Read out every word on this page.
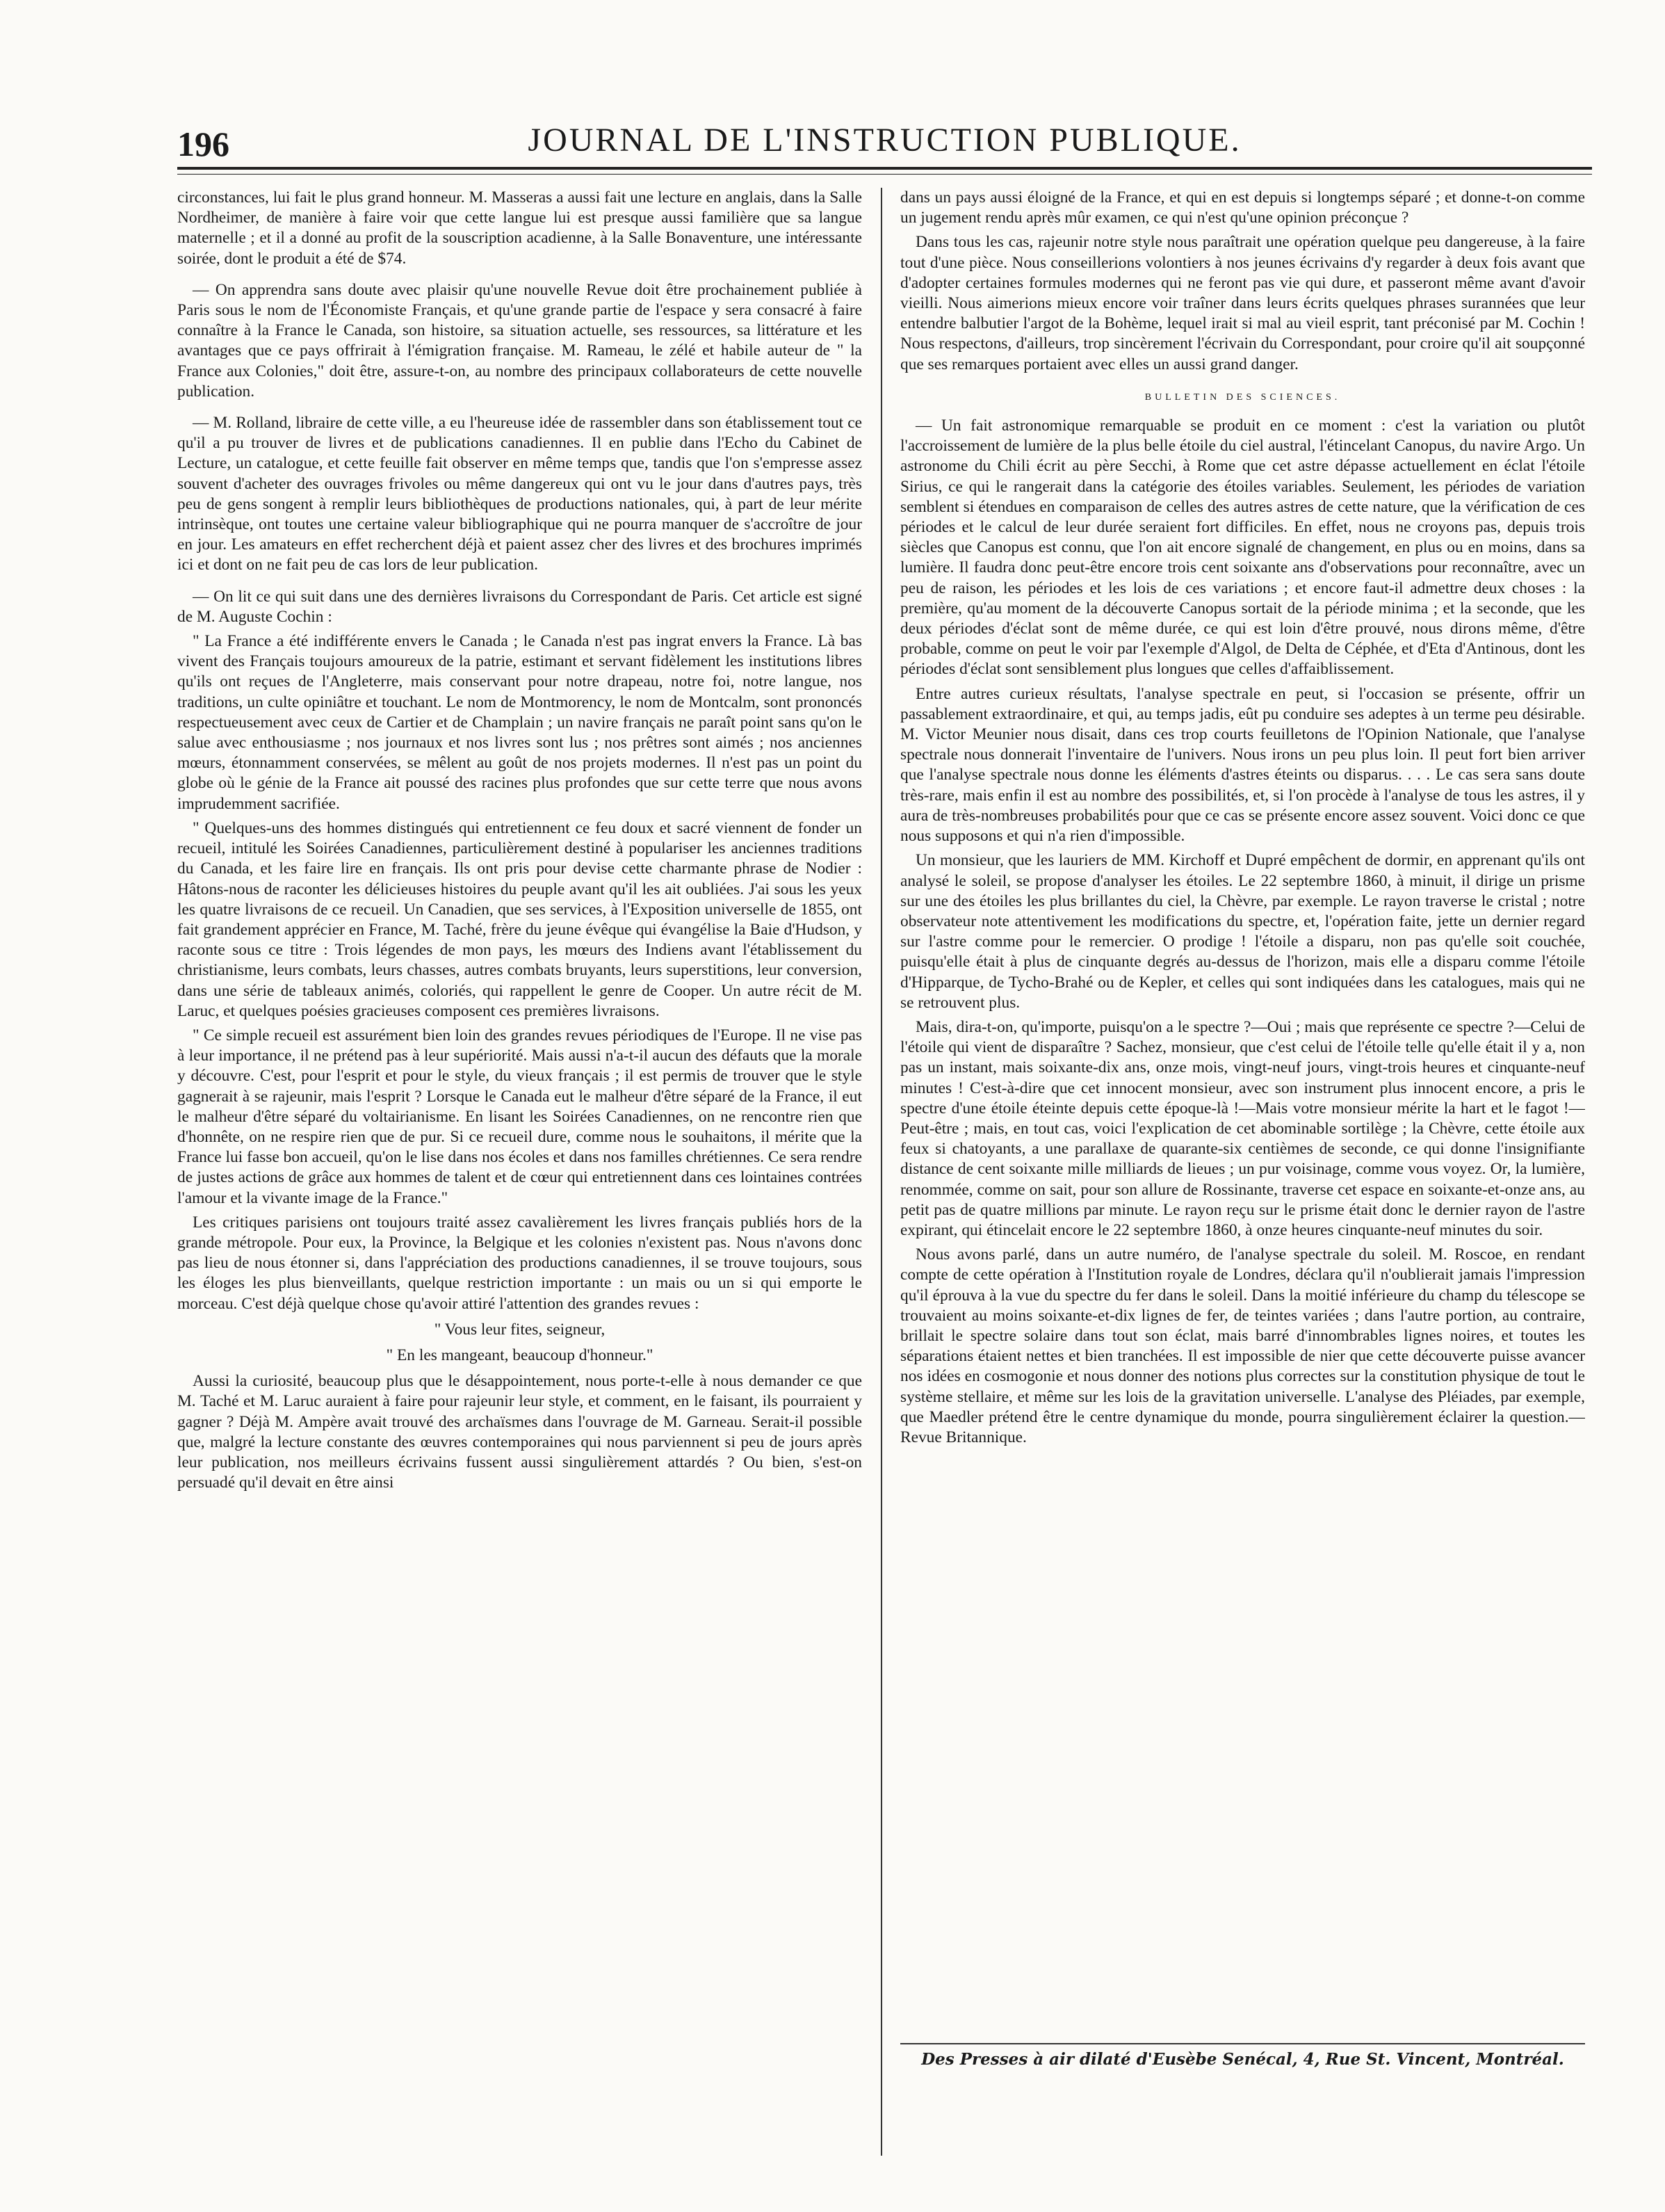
196	JOURNAL DE L'INSTRUCTION PUBLIQUE.

circonstances, lui fait le plus grand honneur. M. Masseras a aussi fait une lecture en anglais, dans la Salle Nordheimer, de manière à faire voir que cette langue lui est presque aussi familière que sa langue maternelle ; et il a donné au profit de la souscription acadienne, à la Salle Bonaventure, une intéressante soirée, dont le produit a été de $74.

— On apprendra sans doute avec plaisir qu'une nouvelle Revue doit être prochainement publiée à Paris sous le nom de l'Économiste Français, et qu'une grande partie de l'espace y sera consacré à faire connaître à la France le Canada, son histoire, sa situation actuelle, ses ressources, sa littérature et les avantages que ce pays offrirait à l'émigration française. M. Rameau, le zélé et habile auteur de " la France aux Colonies," doit être, assure-t-on, au nombre des principaux collaborateurs de cette nouvelle publication.

— M. Rolland, libraire de cette ville, a eu l'heureuse idée de rassembler dans son établissement tout ce qu'il a pu trouver de livres et de publications canadiennes. Il en publie dans l'Echo du Cabinet de Lecture, un catalogue, et cette feuille fait observer en même temps que, tandis que l'on s'empresse assez souvent d'acheter des ouvrages frivoles ou même dangereux qui ont vu le jour dans d'autres pays, très peu de gens songent à remplir leurs bibliothèques de productions nationales, qui, à part de leur mérite intrinsèque, ont toutes une certaine valeur bibliographique qui ne pourra manquer de s'accroître de jour en jour. Les amateurs en effet recherchent déjà et paient assez cher des livres et des brochures imprimés ici et dont on ne fait peu de cas lors de leur publication.

— On lit ce qui suit dans une des dernières livraisons du Correspondant de Paris. Cet article est signé de M. Auguste Cochin :

" La France a été indifférente envers le Canada ; le Canada n'est pas ingrat envers la France. Là bas vivent des Français toujours amoureux de la patrie, estimant et servant fidèlement les institutions libres qu'ils ont reçues de l'Angleterre, mais conservant pour notre drapeau, notre foi, notre langue, nos traditions, un culte opiniâtre et touchant. Le nom de Montmorency, le nom de Montcalm, sont prononcés respectueusement avec ceux de Cartier et de Champlain ; un navire français ne paraît point sans qu'on le salue avec enthousiasme ; nos journaux et nos livres sont lus ; nos prêtres sont aimés ; nos anciennes mœurs, étonnamment conservées, se mêlent au goût de nos projets modernes. Il n'est pas un point du globe où le génie de la France ait poussé des racines plus profondes que sur cette terre que nous avons imprudemment sacrifiée.

" Quelques-uns des hommes distingués qui entretiennent ce feu doux et sacré viennent de fonder un recueil, intitulé les Soirées Canadiennes, particulièrement destiné à populariser les anciennes traditions du Canada, et les faire lire en français. Ils ont pris pour devise cette charmante phrase de Nodier : Hâtons-nous de raconter les délicieuses histoires du peuple avant qu'il les ait oubliées. J'ai sous les yeux les quatre livraisons de ce recueil. Un Canadien, que ses services, à l'Exposition universelle de 1855, ont fait grandement apprécier en France, M. Taché, frère du jeune évêque qui évangélise la Baie d'Hudson, y raconte sous ce titre : Trois légendes de mon pays, les mœurs des Indiens avant l'établissement du christianisme, leurs combats, leurs chasses, autres combats bruyants, leurs superstitions, leur conversion, dans une série de tableaux animés, coloriés, qui rappellent le genre de Cooper. Un autre récit de M. Laruc, et quelques poésies gracieuses composent ces premières livraisons.

" Ce simple recueil est assurément bien loin des grandes revues périodiques de l'Europe. Il ne vise pas à leur importance, il ne prétend pas à leur supériorité. Mais aussi n'a-t-il aucun des défauts que la morale y découvre. C'est, pour l'esprit et pour le style, du vieux français ; il est permis de trouver que le style gagnerait à se rajeunir, mais l'esprit ? Lorsque le Canada eut le malheur d'être séparé de la France, il eut le malheur d'être séparé du voltairianisme. En lisant les Soirées Canadiennes, on ne rencontre rien que d'honnête, on ne respire rien que de pur. Si ce recueil dure, comme nous le souhaitons, il mérite que la France lui fasse bon accueil, qu'on le lise dans nos écoles et dans nos familles chrétiennes. Ce sera rendre de justes actions de grâce aux hommes de talent et de cœur qui entretiennent dans ces lointaines contrées l'amour et la vivante image de la France."

Les critiques parisiens ont toujours traité assez cavalièrement les livres français publiés hors de la grande métropole. Pour eux, la Province, la Belgique et les colonies n'existent pas. Nous n'avons donc pas lieu de nous étonner si, dans l'appréciation des productions canadiennes, il se trouve toujours, sous les éloges les plus bienveillants, quelque restriction importante : un mais ou un si qui emporte le morceau. C'est déjà quelque chose qu'avoir attiré l'attention des grandes revues :

" Vous leur fites, seigneur,
" En les mangeant, beaucoup d'honneur."

Aussi la curiosité, beaucoup plus que le désappointement, nous porte-t-elle à nous demander ce que M. Taché et M. Laruc auraient à faire pour rajeunir leur style, et comment, en le faisant, ils pourraient y gagner ? Déjà M. Ampère avait trouvé des archaïsmes dans l'ouvrage de M. Garneau. Serait-il possible que, malgré la lecture constante des œuvres contemporaines qui nous parviennent si peu de jours après leur publication, nos meilleurs écrivains fussent aussi singulièrement attardés ? Ou bien, s'est-on persuadé qu'il devait en être ainsi

dans un pays aussi éloigné de la France, et qui en est depuis si longtemps séparé ; et donne-t-on comme un jugement rendu après mûr examen, ce qui n'est qu'une opinion préconçue ?

Dans tous les cas, rajeunir notre style nous paraîtrait une opération quelque peu dangereuse, à la faire tout d'une pièce. Nous conseillerions volontiers à nos jeunes écrivains d'y regarder à deux fois avant que d'adopter certaines formules modernes qui ne feront pas vie qui dure, et passeront même avant d'avoir vieilli. Nous aimerions mieux encore voir traîner dans leurs écrits quelques phrases surannées que leur entendre balbutier l'argot de la Bohème, lequel irait si mal au vieil esprit, tant préconisé par M. Cochin ! Nous respectons, d'ailleurs, trop sincèrement l'écrivain du Correspondant, pour croire qu'il ait soupçonné que ses remarques portaient avec elles un aussi grand danger.

BULLETIN DES SCIENCES.

— Un fait astronomique remarquable se produit en ce moment : c'est la variation ou plutôt l'accroissement de lumière de la plus belle étoile du ciel austral, l'étincelant Canopus, du navire Argo. Un astronome du Chili écrit au père Secchi, à Rome que cet astre dépasse actuellement en éclat l'étoile Sirius, ce qui le rangerait dans la catégorie des étoiles variables. Seulement, les périodes de variation semblent si étendues en comparaison de celles des autres astres de cette nature, que la vérification de ces périodes et le calcul de leur durée seraient fort difficiles. En effet, nous ne croyons pas, depuis trois siècles que Canopus est connu, que l'on ait encore signalé de changement, en plus ou en moins, dans sa lumière. Il faudra donc peut-être encore trois cent soixante ans d'observations pour reconnaître, avec un peu de raison, les périodes et les lois de ces variations ; et encore faut-il admettre deux choses : la première, qu'au moment de la découverte Canopus sortait de la période minima ; et la seconde, que les deux périodes d'éclat sont de même durée, ce qui est loin d'être prouvé, nous dirons même, d'être probable, comme on peut le voir par l'exemple d'Algol, de Delta de Céphée, et d'Eta d'Antinous, dont les périodes d'éclat sont sensiblement plus longues que celles d'affaiblissement.

Entre autres curieux résultats, l'analyse spectrale en peut, si l'occasion se présente, offrir un passablement extraordinaire, et qui, au temps jadis, eût pu conduire ses adeptes à un terme peu désirable. M. Victor Meunier nous disait, dans ces trop courts feuilletons de l'Opinion Nationale, que l'analyse spectrale nous donnerait l'inventaire de l'univers. Nous irons un peu plus loin. Il peut fort bien arriver que l'analyse spectrale nous donne les éléments d'astres éteints ou disparus. . . . Le cas sera sans doute très-rare, mais enfin il est au nombre des possibilités, et, si l'on procède à l'analyse de tous les astres, il y aura de très-nombreuses probabilités pour que ce cas se présente encore assez souvent. Voici donc ce que nous supposons et qui n'a rien d'impossible.

Un monsieur, que les lauriers de MM. Kirchoff et Dupré empêchent de dormir, en apprenant qu'ils ont analysé le soleil, se propose d'analyser les étoiles. Le 22 septembre 1860, à minuit, il dirige un prisme sur une des étoiles les plus brillantes du ciel, la Chèvre, par exemple. Le rayon traverse le cristal ; notre observateur note attentivement les modifications du spectre, et, l'opération faite, jette un dernier regard sur l'astre comme pour le remercier. O prodige ! l'étoile a disparu, non pas qu'elle soit couchée, puisqu'elle était à plus de cinquante degrés au-dessus de l'horizon, mais elle a disparu comme l'étoile d'Hipparque, de Tycho-Brahé ou de Kepler, et celles qui sont indiquées dans les catalogues, mais qui ne se retrouvent plus.

Mais, dira-t-on, qu'importe, puisqu'on a le spectre ?—Oui ; mais que représente ce spectre ?—Celui de l'étoile qui vient de disparaître ? Sachez, monsieur, que c'est celui de l'étoile telle qu'elle était il y a, non pas un instant, mais soixante-dix ans, onze mois, vingt-neuf jours, vingt-trois heures et cinquante-neuf minutes ! C'est-à-dire que cet innocent monsieur, avec son instrument plus innocent encore, a pris le spectre d'une étoile éteinte depuis cette époque-là !—Mais votre monsieur mérite la hart et le fagot !—Peut-être ; mais, en tout cas, voici l'explication de cet abominable sortilège ; la Chèvre, cette étoile aux feux si chatoyants, a une parallaxe de quarante-six centièmes de seconde, ce qui donne l'insignifiante distance de cent soixante mille milliards de lieues ; un pur voisinage, comme vous voyez. Or, la lumière, renommée, comme on sait, pour son allure de Rossinante, traverse cet espace en soixante-et-onze ans, au petit pas de quatre millions par minute. Le rayon reçu sur le prisme était donc le dernier rayon de l'astre expirant, qui étincelait encore le 22 septembre 1860, à onze heures cinquante-neuf minutes du soir.

Nous avons parlé, dans un autre numéro, de l'analyse spectrale du soleil. M. Roscoe, en rendant compte de cette opération à l'Institution royale de Londres, déclara qu'il n'oublierait jamais l'impression qu'il éprouva à la vue du spectre du fer dans le soleil. Dans la moitié inférieure du champ du télescope se trouvaient au moins soixante-et-dix lignes de fer, de teintes variées ; dans l'autre portion, au contraire, brillait le spectre solaire dans tout son éclat, mais barré d'innombrables lignes noires, et toutes les séparations étaient nettes et bien tranchées. Il est impossible de nier que cette découverte puisse avancer nos idées en cosmogonie et nous donner des notions plus correctes sur la constitution physique de tout le système stellaire, et même sur les lois de la gravitation universelle. L'analyse des Pléiades, par exemple, que Maedler prétend être le centre dynamique du monde, pourra singulièrement éclairer la question.—Revue Britannique.

Des Presses à air dilaté d'Eusèbe Senécal, 4, Rue St. Vincent, Montréal.
